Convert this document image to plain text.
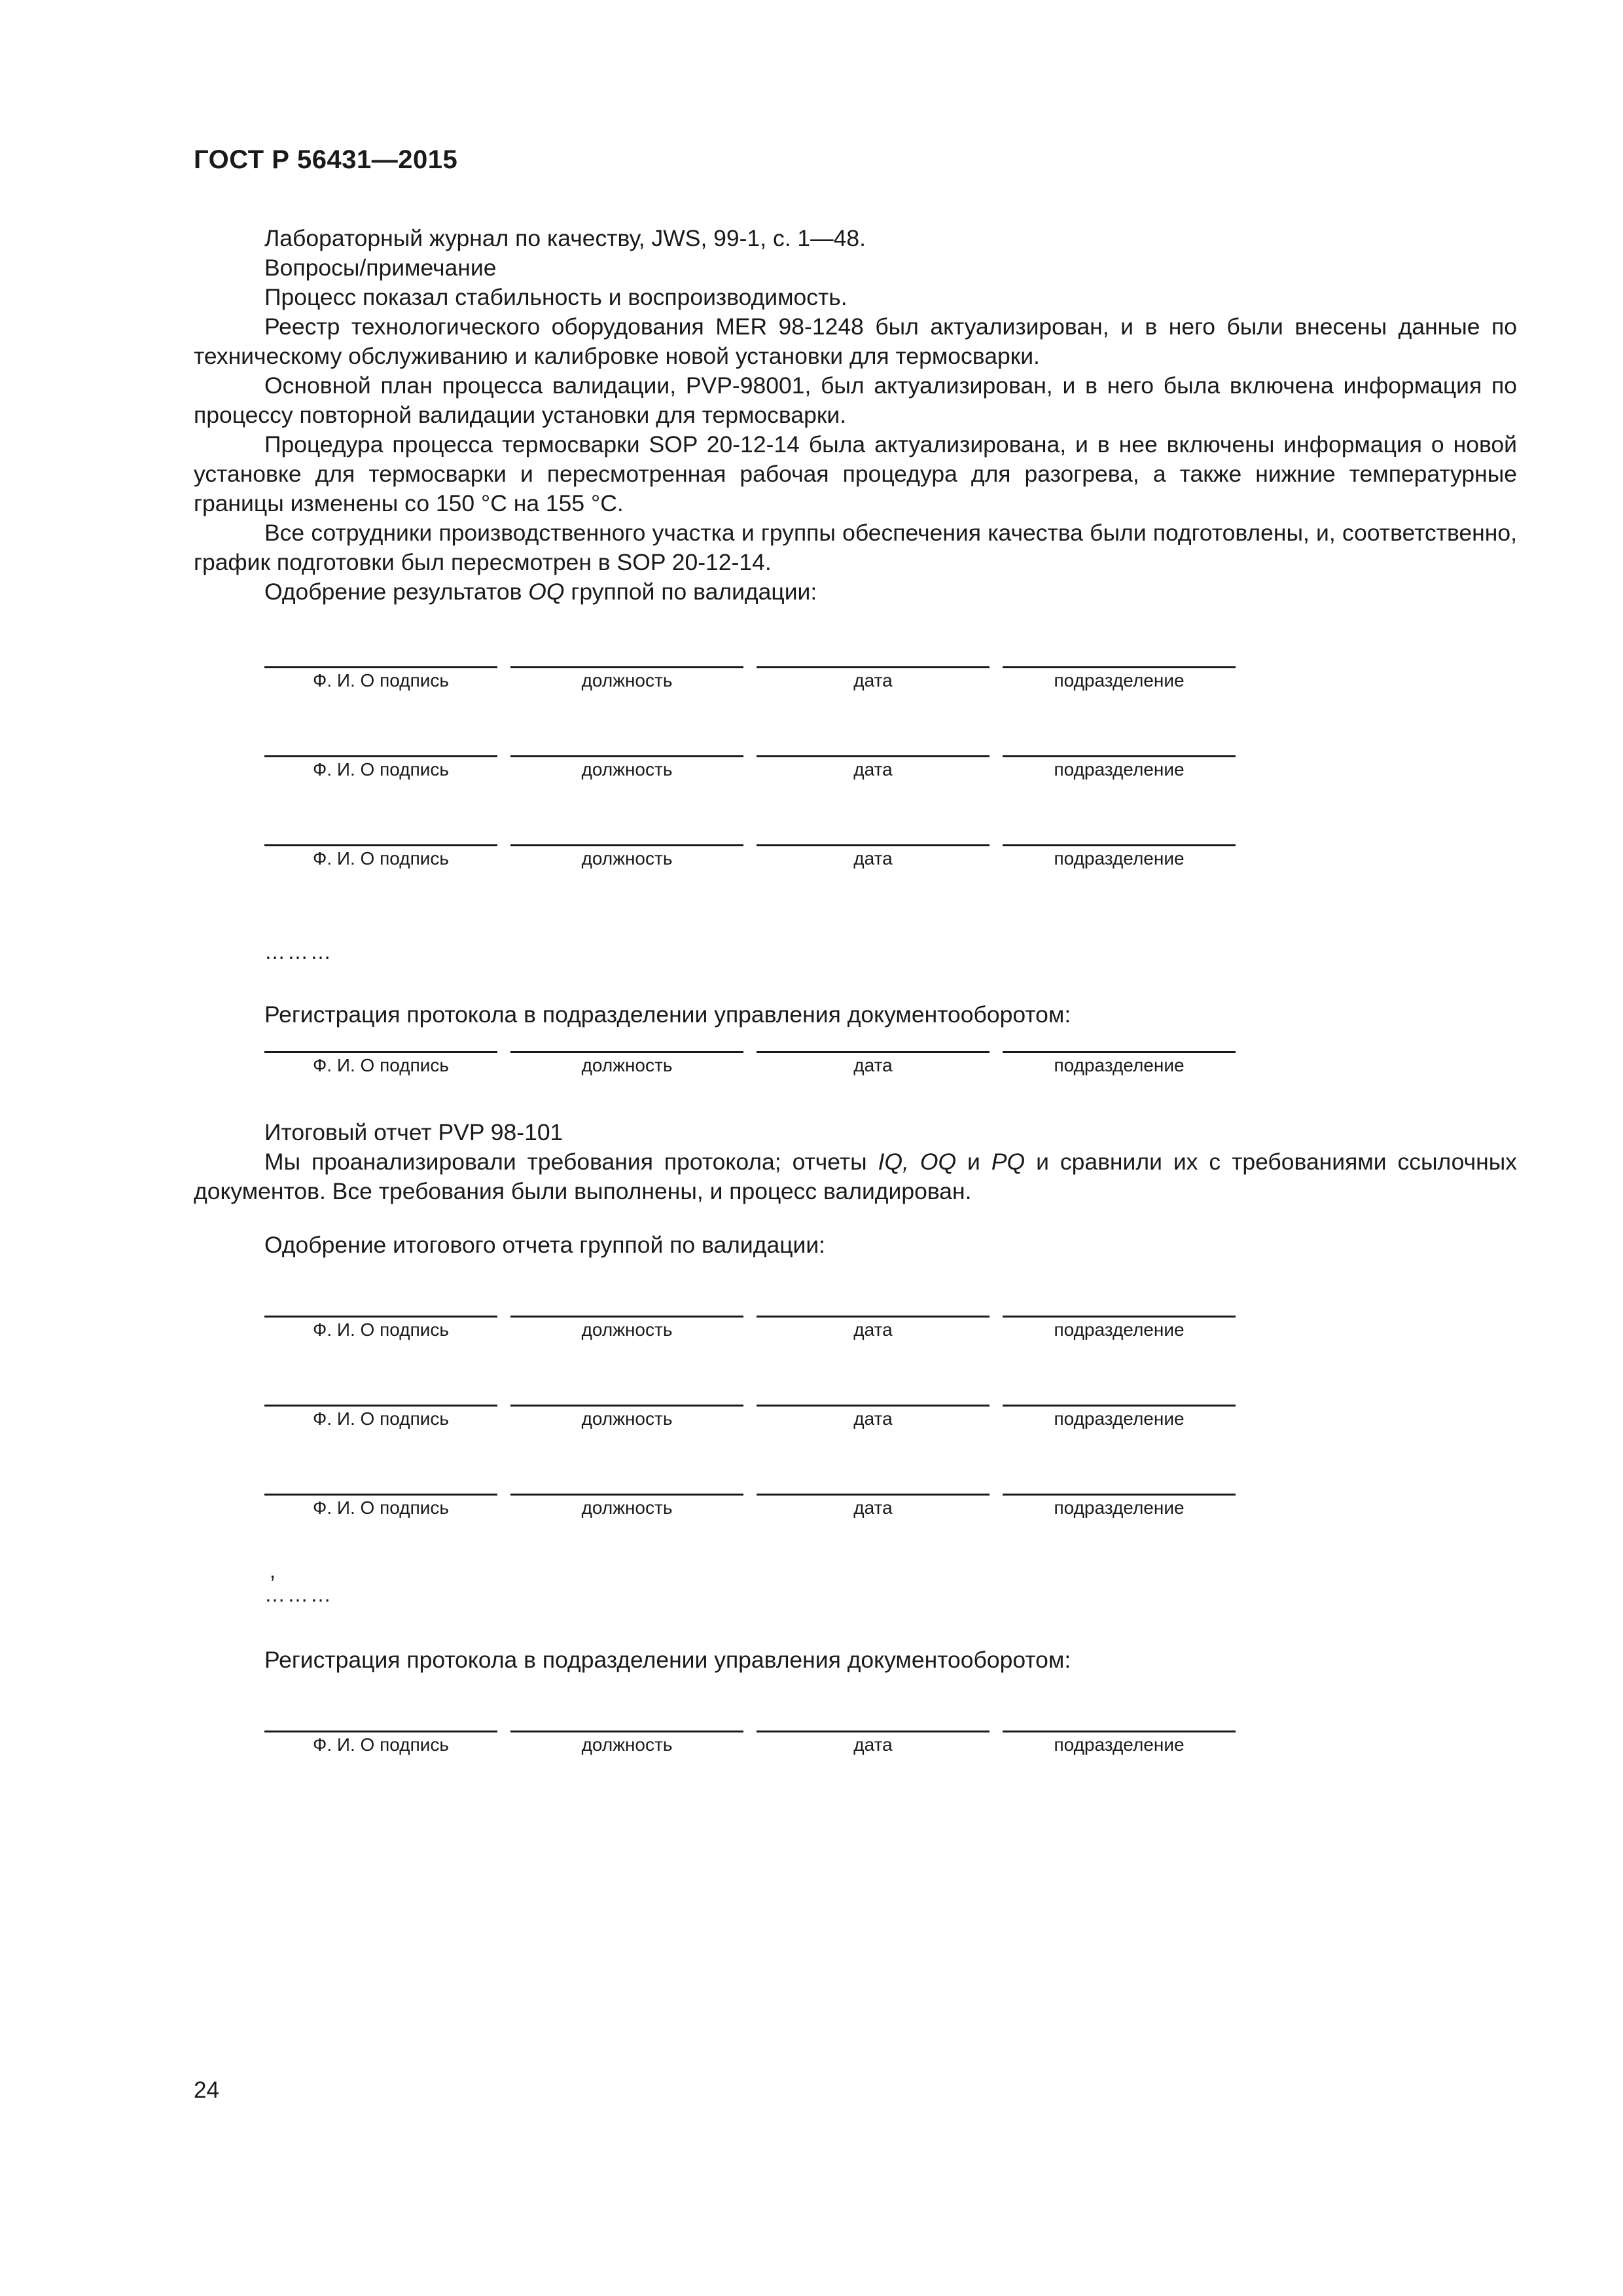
ГОСТ Р 56431—2015

Лабораторный журнал по качеству, JWS, 99-1, с. 1—48.

Вопросы/примечание

Процесс показал стабильность и воспроизводимость.

Реестр технологического оборудования MER 98-1248 был актуализирован, и в него были внесены данные по техническому обслуживанию и калибровке новой установки для термосварки.

Основной план процесса валидации, PVP-98001, был актуализирован, и в него была включена информация по процессу повторной валидации установки для термосварки.

Процедура процесса термосварки SOP 20-12-14 была актуализирована, и в нее включены информация о новой установке для термосварки и пересмотренная рабочая процедура для разогрева, а также нижние температурные границы изменены со 150 °С на 155 °С.

Все сотрудники производственного участка и группы обеспечения качества были подготовлены, и, соответственно, график подготовки был пересмотрен в SOP 20-12-14.

Одобрение результатов OQ группой по валидации:

Ф. И. О подпись	должность	дата	подразделение
Ф. И. О подпись	должность	дата	подразделение
Ф. И. О подпись	должность	дата	подразделение
………
Регистрация протокола в подразделении управления документооборотом:
Ф. И. О подпись	должность	дата	подразделение

Итоговый отчет PVP 98-101

Мы проанализировали требования протокола; отчеты IQ, OQ и PQ и сравнили их с требованиями ссылочных документов. Все требования были выполнены, и процесс валидирован.

Одобрение итогового отчета группой по валидации:
Ф. И. О подпись	должность	дата	подразделение
Ф. И. О подпись	должность	дата	подразделение
Ф. И. О подпись	должность	дата	подразделение
,
………
Регистрация протокола в подразделении управления документооборотом:
Ф. И. О подпись	должность	дата	подразделение
24
